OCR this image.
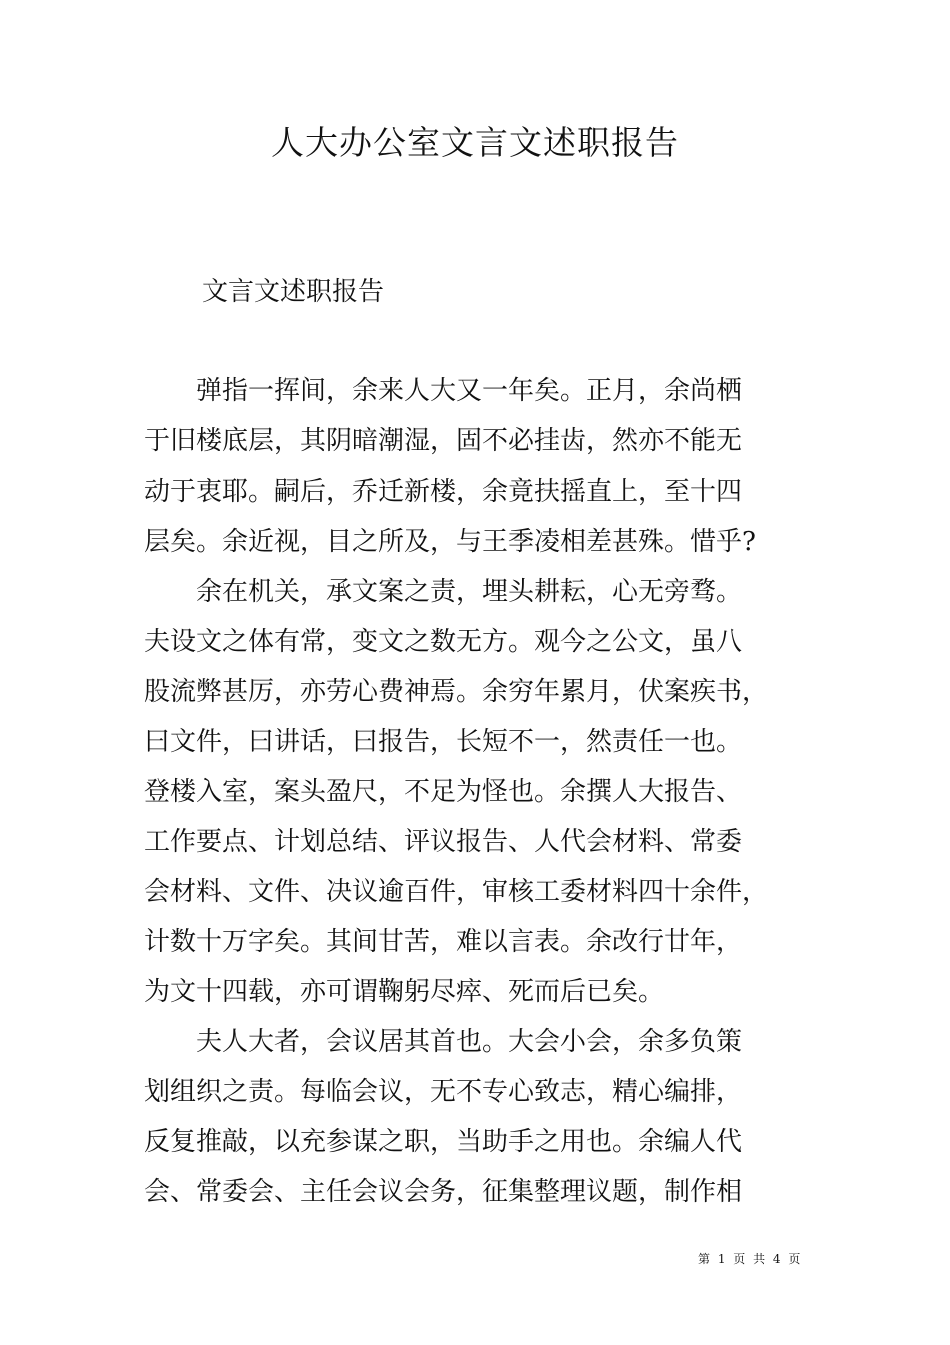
人大办公室文言文述职报告
文言文述职报告
　　弹指一挥间，余来人大又一年矣。正月，余尚栖
于旧楼底层，其阴暗潮湿，固不必挂齿，然亦不能无
动于衷耶。嗣后，乔迁新楼，余竟扶摇直上，至十四
层矣。余近视，目之所及，与王季凌相差甚殊。惜乎?
　　余在机关，承文案之责，埋头耕耘，心无旁骛。
夫设文之体有常，变文之数无方。观今之公文，虽八
股流弊甚厉，亦劳心费神焉。余穷年累月，伏案疾书，
曰文件，曰讲话，曰报告，长短不一，然责任一也。
登楼入室，案头盈尺，不足为怪也。余撰人大报告、
工作要点、计划总结、评议报告、人代会材料、常委
会材料、文件、决议逾百件，审核工委材料四十余件，
计数十万字矣。其间甘苦，难以言表。余改行廿年，
为文十四载，亦可谓鞠躬尽瘁、死而后已矣。
　　夫人大者，会议居其首也。大会小会，余多负策
划组织之责。每临会议，无不专心致志，精心编排，
反复推敲，以充参谋之职，当助手之用也。余编人代
会、常委会、主任会议会务，征集整理议题，制作相
第 1 页 共 4 页
